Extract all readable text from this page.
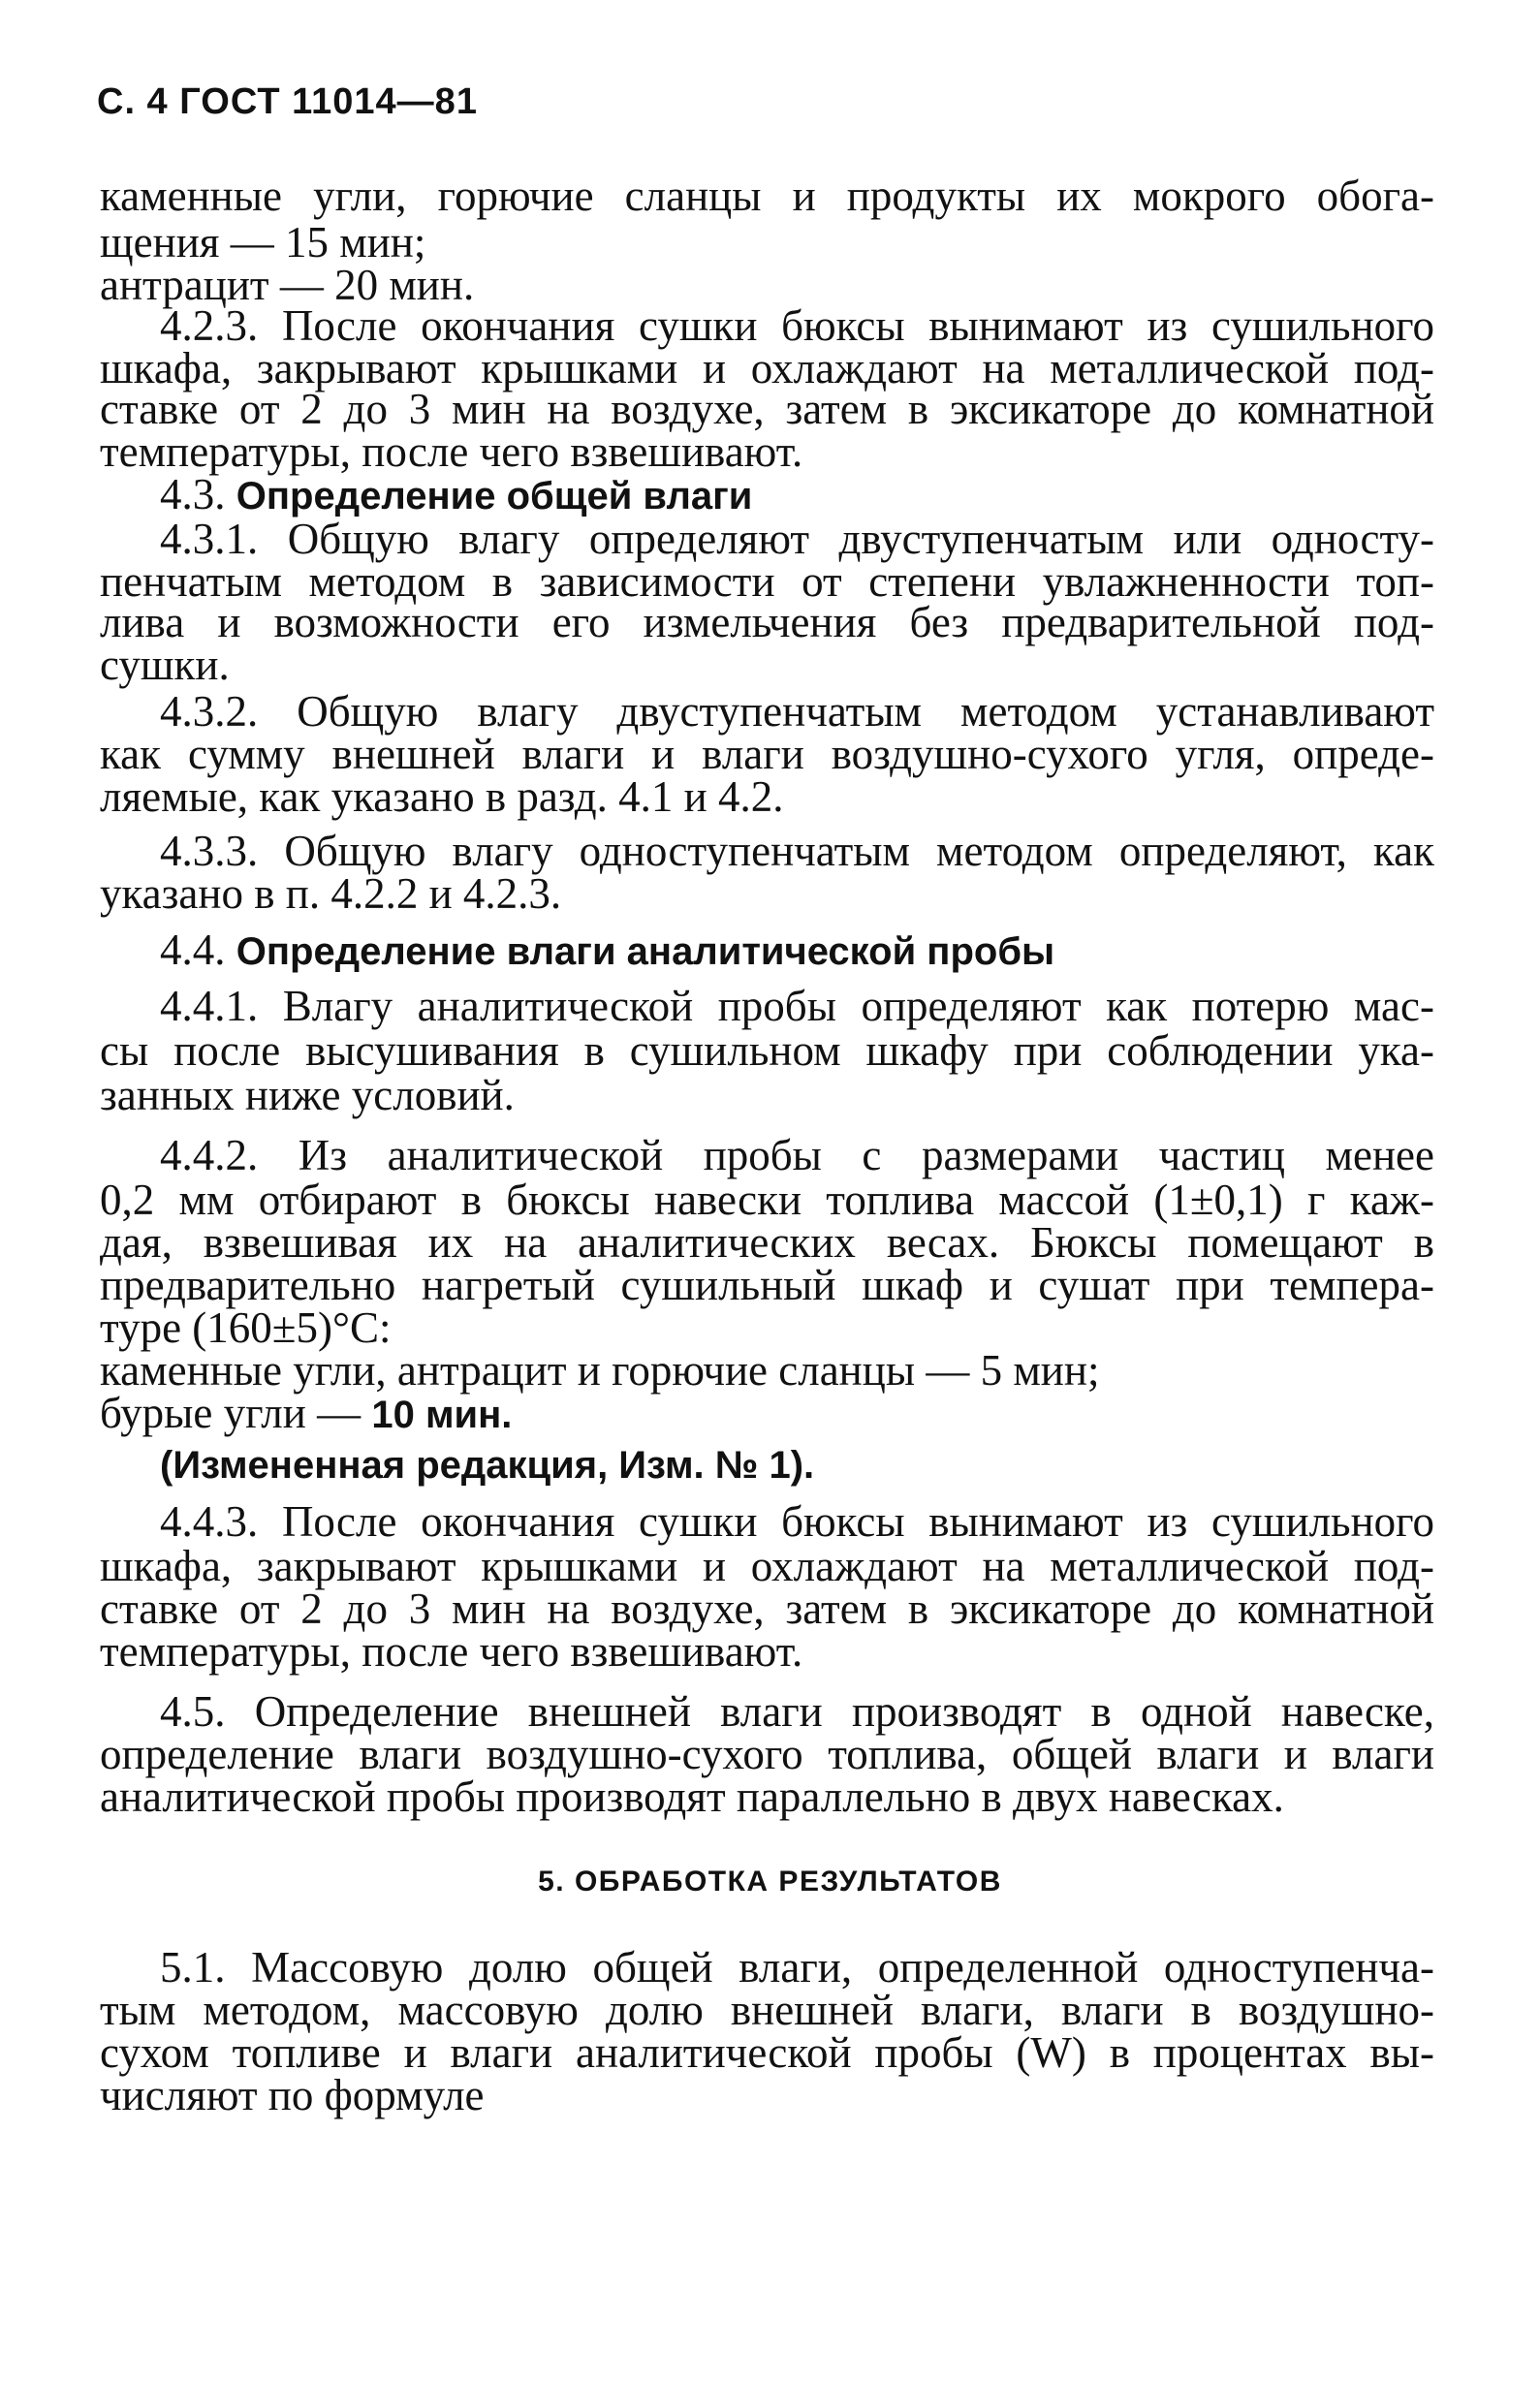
С. 4 ГОСТ 11014—81
каменные угли, горючие сланцы и продукты их мокрого обога-
щения — 15 мин;
антрацит — 20 мин.
4.2.3. После окончания сушки бюксы вынимают из сушильного
шкафа, закрывают крышками и охлаждают на металлической под-
ставке от 2 до 3 мин на воздухе, затем в эксикаторе до комнатной
температуры, после чего взвешивают.
4.3. Определение общей влаги
4.3.1. Общую влагу определяют двуступенчатым или односту-
пенчатым методом в зависимости от степени увлажненности топ-
лива и возможности его измельчения без предварительной под-
сушки.
4.3.2. Общую влагу двуступенчатым методом устанавливают
как сумму внешней влаги и влаги воздушно-сухого угля, опреде-
ляемые, как указано в разд. 4.1 и 4.2.
4.3.3. Общую влагу одноступенчатым методом определяют, как
указано в п. 4.2.2 и 4.2.3.
4.4. Определение влаги аналитической пробы
4.4.1. Влагу аналитической пробы определяют как потерю мас-
сы после высушивания в сушильном шкафу при соблюдении ука-
занных ниже условий.
4.4.2. Из аналитической пробы с размерами частиц менее
0,2 мм отбирают в бюксы навески топлива массой (1±0,1) г каж-
дая, взвешивая их на аналитических весах. Бюксы помещают в
предварительно нагретый сушильный шкаф и сушат при темпера-
туре (160±5)°С:
каменные угли, антрацит и горючие сланцы — 5 мин;
бурые угли — 10 мин.
(Измененная редакция, Изм. № 1).
4.4.3. После окончания сушки бюксы вынимают из сушильного
шкафа, закрывают крышками и охлаждают на металлической под-
ставке от 2 до 3 мин на воздухе, затем в эксикаторе до комнатной
температуры, после чего взвешивают.
4.5. Определение внешней влаги производят в одной навеске,
определение влаги воздушно-сухого топлива, общей влаги и влаги
аналитической пробы производят параллельно в двух навесках.
5. ОБРАБОТКА РЕЗУЛЬТАТОВ
5.1. Массовую долю общей влаги, определенной одноступенча-
тым методом, массовую долю внешней влаги, влаги в воздушно-
сухом топливе и влаги аналитической пробы (W) в процентах вы-
числяют по формуле
